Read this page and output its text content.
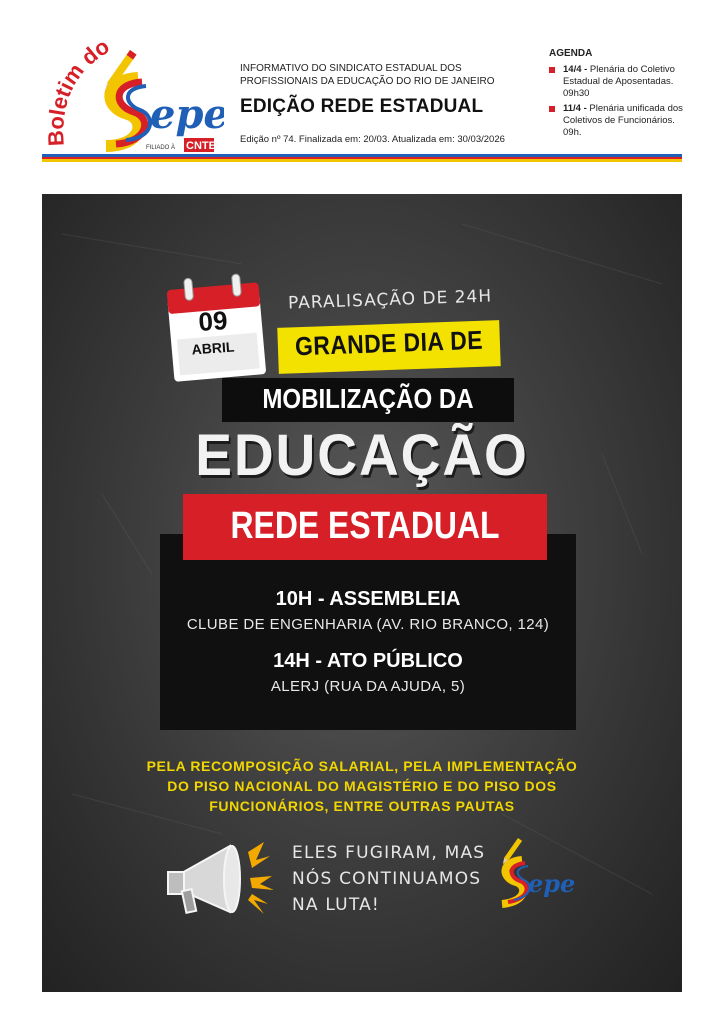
Boletim do
epe
FILIADO À CNTE
INFORMATIVO DO SINDICATO ESTADUAL DOS
PROFISSIONAIS DA EDUCAÇÃO DO RIO DE JANEIRO
EDIÇÃO REDE ESTADUAL
Edição nº 74. Finalizada em: 20/03. Atualizada em: 30/03/2026
AGENDA
14/4 - Plenária do Coletivo Estadual de Aposentadas. 09h30
11/4 - Plenária unificada dos Coletivos de Funcionários. 09h.
09
ABRIL
PARALISAÇÃO DE 24H
GRANDE DIA DE
MOBILIZAÇÃO DA
EDUCAÇÃO
REDE ESTADUAL
10H - ASSEMBLEIA
CLUBE DE ENGENHARIA (AV. RIO BRANCO, 124)
14H - ATO PÚBLICO
ALERJ (RUA DA AJUDA, 5)
PELA RECOMPOSIÇÃO SALARIAL, PELA IMPLEMENTAÇÃO
DO PISO NACIONAL DO MAGISTÉRIO E DO PISO DOS
FUNCIONÁRIOS, ENTRE OUTRAS PAUTAS
ELES FUGIRAM, MAS
NÓS CONTINUAMOS
NA LUTA!
epe
